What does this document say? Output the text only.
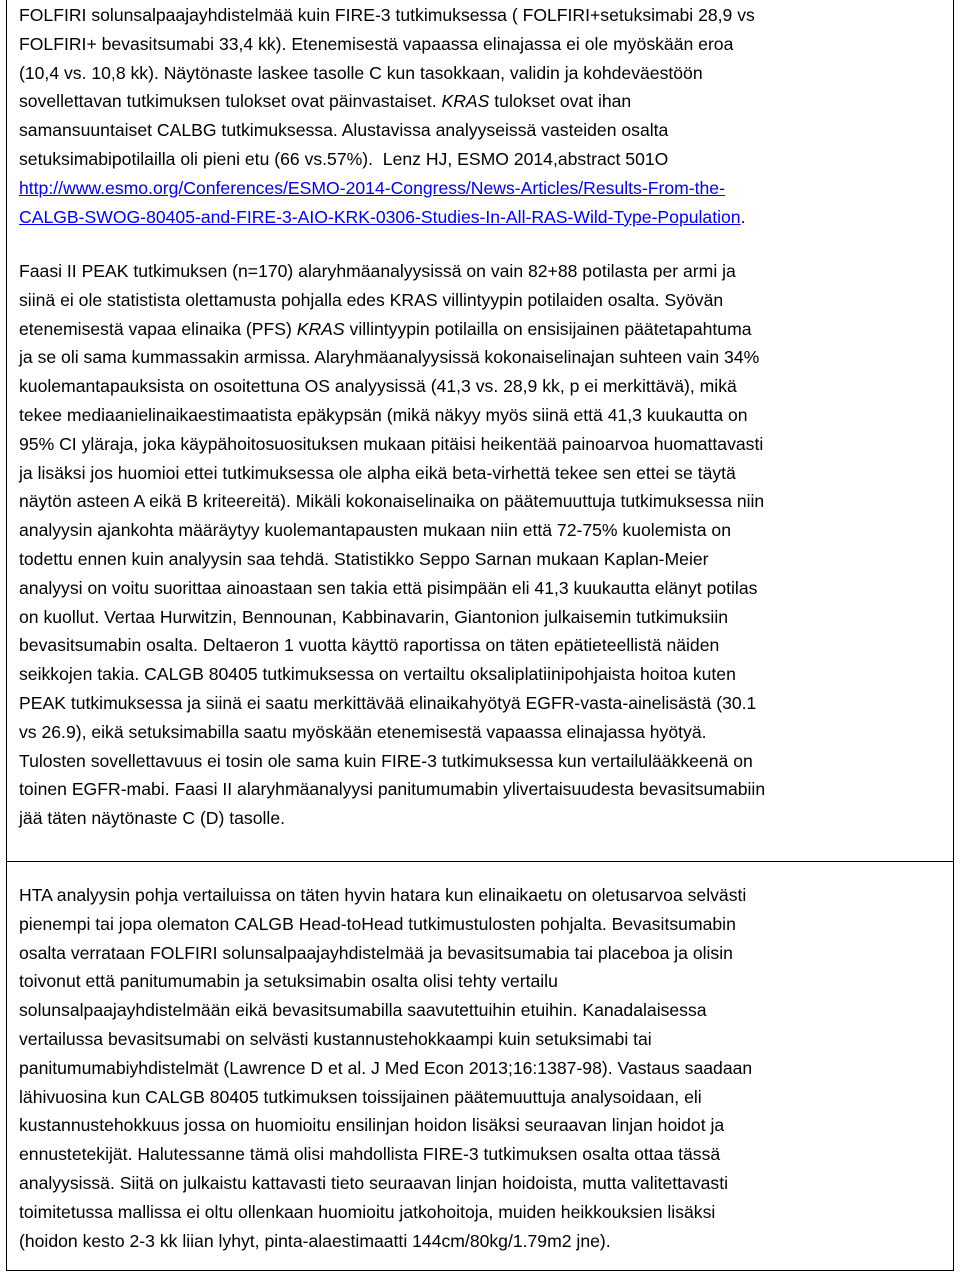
FOLFIRI solunsalpaajayhdistelmää kuin FIRE-3 tutkimuksessa ( FOLFIRI+setuksimabi 28,9 vs
FOLFIRI+ bevasitsumabi 33,4 kk). Etenemisestä vapaassa elinajassa ei ole myöskään eroa
(10,4 vs. 10,8 kk). Näytönaste laskee tasolle C kun tasokkaan, validin ja kohdeväestöön
sovellettavan tutkimuksen tulokset ovat päinvastaiset. KRAS tulokset ovat ihan
samansuuntaiset CALBG tutkimuksessa. Alustavissa analyyseissä vasteiden osalta
setuksimabipotilailla oli pieni etu (66 vs.57%).  Lenz HJ, ESMO 2014,abstract 501O
http://www.esmo.org/Conferences/ESMO-2014-Congress/News-Articles/Results-From-the-
CALGB-SWOG-80405-and-FIRE-3-AIO-KRK-0306-Studies-In-All-RAS-Wild-Type-Population.
Faasi II PEAK tutkimuksen (n=170) alaryhmäanalyysissä on vain 82+88 potilasta per armi ja
siinä ei ole statistista olettamusta pohjalla edes KRAS villintyypin potilaiden osalta. Syövän
etenemisestä vapaa elinaika (PFS) KRAS villintyypin potilailla on ensisijainen päätetapahtuma
ja se oli sama kummassakin armissa. Alaryhmäanalyysissä kokonaiselinajan suhteen vain 34%
kuolemantapauksista on osoitettuna OS analyysissä (41,3 vs. 28,9 kk, p ei merkittävä), mikä
tekee mediaanielinaikaestimaatista epäkypsän (mikä näkyy myös siinä että 41,3 kuukautta on
95% CI yläraja, joka käypähoitosuosituksen mukaan pitäisi heikentää painoarvoa huomattavasti
ja lisäksi jos huomioi ettei tutkimuksessa ole alpha eikä beta-virhettä tekee sen ettei se täytä
näytön asteen A eikä B kriteereitä). Mikäli kokonaiselinaika on päätemuuttuja tutkimuksessa niin
analyysin ajankohta määräytyy kuolemantapausten mukaan niin että 72-75% kuolemista on
todettu ennen kuin analyysin saa tehdä. Statistikko Seppo Sarnan mukaan Kaplan-Meier
analyysi on voitu suorittaa ainoastaan sen takia että pisimpään eli 41,3 kuukautta elänyt potilas
on kuollut. Vertaa Hurwitzin, Bennounan, Kabbinavarin, Giantonion julkaisemin tutkimuksiin
bevasitsumabin osalta. Deltaeron 1 vuotta käyttö raportissa on täten epätieteellistä näiden
seikkojen takia. CALGB 80405 tutkimuksessa on vertailtu oksaliplatiinipohjaista hoitoa kuten
PEAK tutkimuksessa ja siinä ei saatu merkittävää elinaikahyötyä EGFR-vasta-ainelisästä (30.1
vs 26.9), eikä setuksimabilla saatu myöskään etenemisestä vapaassa elinajassa hyötyä.
Tulosten sovellettavuus ei tosin ole sama kuin FIRE-3 tutkimuksessa kun vertailulääkkeenä on
toinen EGFR-mabi. Faasi II alaryhmäanalyysi panitumumabin ylivertaisuudesta bevasitsumabiin
jää täten näytönaste C (D) tasolle.
HTA analyysin pohja vertailuissa on täten hyvin hatara kun elinaikaetu on oletusarvoa selvästi
pienempi tai jopa olematon CALGB Head-toHead tutkimustulosten pohjalta. Bevasitsumabin
osalta verrataan FOLFIRI solunsalpaajayhdistelmää ja bevasitsumabia tai placeboa ja olisin
toivonut että panitumumabin ja setuksimabin osalta olisi tehty vertailu
solunsalpaajayhdistelmään eikä bevasitsumabilla saavutettuihin etuihin. Kanadalaisessa
vertailussa bevasitsumabi on selvästi kustannustehokkaampi kuin setuksimabi tai
panitumumabiyhdistelmät (Lawrence D et al. J Med Econ 2013;16:1387-98). Vastaus saadaan
lähivuosina kun CALGB 80405 tutkimuksen toissijainen päätemuuttuja analysoidaan, eli
kustannustehokkuus jossa on huomioitu ensilinjan hoidon lisäksi seuraavan linjan hoidot ja
ennustetekijät. Halutessanne tämä olisi mahdollista FIRE-3 tutkimuksen osalta ottaa tässä
analyysissä. Siitä on julkaistu kattavasti tieto seuraavan linjan hoidoista, mutta valitettavasti
toimitetussa mallissa ei oltu ollenkaan huomioitu jatkohoitoja, muiden heikkouksien lisäksi
(hoidon kesto 2-3 kk liian lyhyt, pinta-alaestimaatti 144cm/80kg/1.79m2 jne).
